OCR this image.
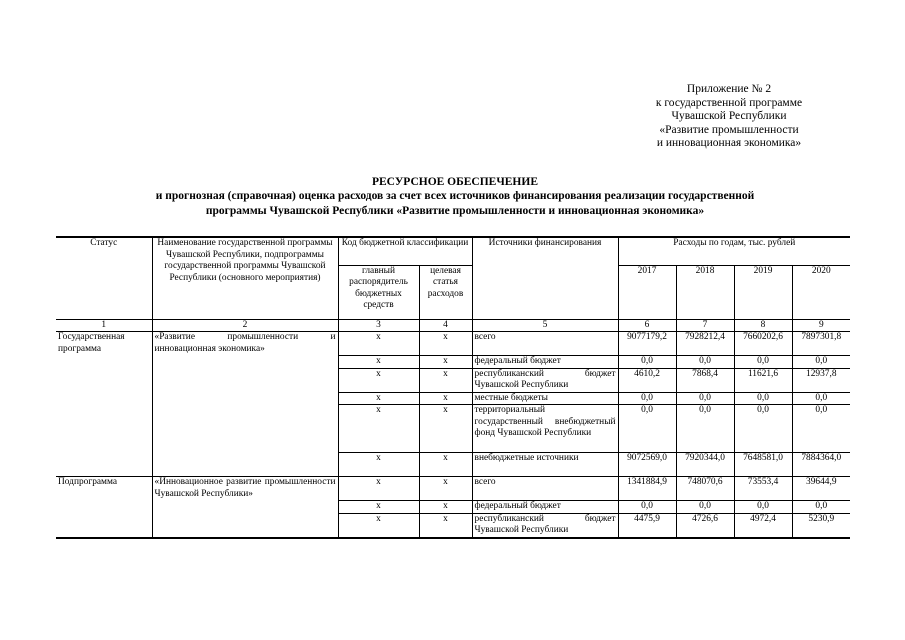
Приложение № 2
к государственной программе
Чувашской Республики
«Развитие промышленности
и инновационная экономика»
РЕСУРСНОЕ ОБЕСПЕЧЕНИЕ
и прогнозная (справочная) оценка расходов за счет всех источников финансирования реализации государственной
программы Чувашской Республики «Развитие промышленности и инновационная экономика»
Статус	Наименование государственной программы Чувашской Республики, подпрограммы государственной программы Чувашской Республики (основного мероприятия)	Код бюджетной классификации		Источники финансирования	Расходы по годам, тыс. рублей			
		главный распорядитель бюджетных средств	целевая статья расходов		2017	2018	2019	2020
1	2	3	4	5	6	7	8	9
Государственная программа	«Развитие промышленности и инновационная экономика»	х	х	всего	9077179,2	7928212,4	7660202,6	7897301,8
		х	х	федеральный бюджет	0,0	0,0	0,0	0,0
		х	х	республиканский бюджет Чувашской Республики	4610,2	7868,4	11621,6	12937,8
		х	х	местные бюджеты	0,0	0,0	0,0	0,0
		х	х	территориальный государственный внебюджетный фонд Чувашской Республики	0,0	0,0	0,0	0,0
		х	х	внебюджетные источники	9072569,0	7920344,0	7648581,0	7884364,0
Подпрограмма	«Инновационное развитие промышленности Чувашской Республики»	х	х	всего	1341884,9	748070,6	73553,4	39644,9
		х	х	федеральный бюджет	0,0	0,0	0,0	0,0
		х	х	республиканский бюджет Чувашской Республики	4475,9	4726,6	4972,4	5230,9
